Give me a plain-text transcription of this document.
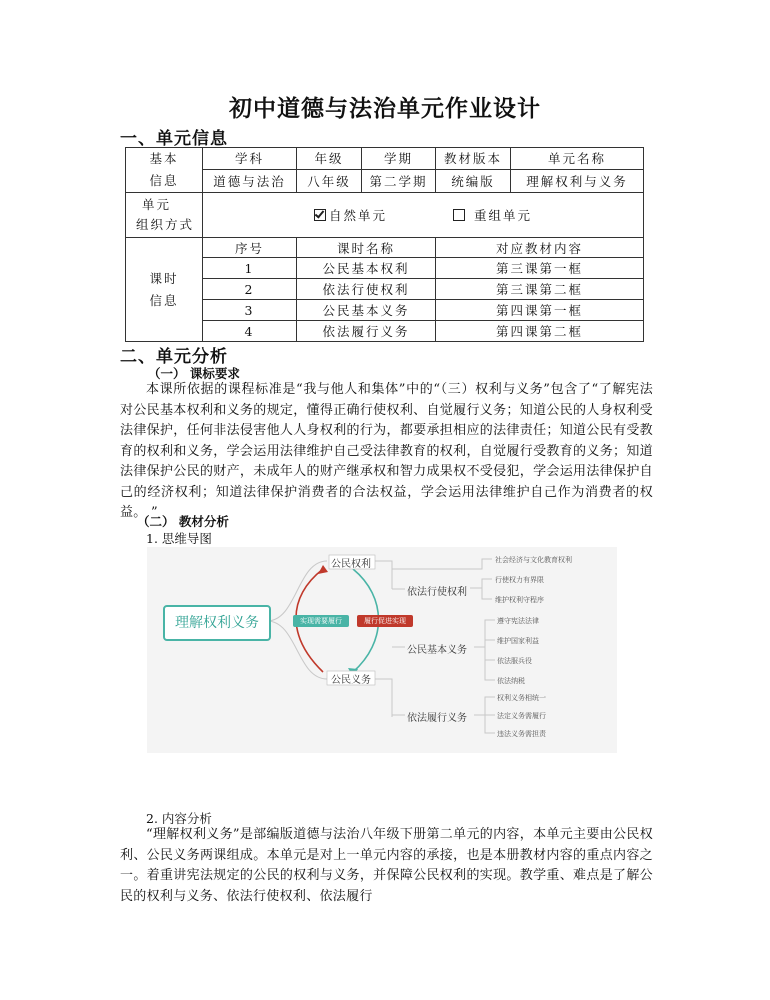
初中道德与法治单元作业设计
一、单元信息
基本
信息	学科	年级	学期	教材版本	单元名称
	道德与法治	八年级	第二学期	统编版	理解权利与义务
单元
组织方式	自然单元 重组单元				
课时
信息	序号	课时名称		对应教材内容	
	1	公民基本权利		第三课第一框	
	2	依法行使权利		第三课第二框	
	3	公民基本义务		第四课第一框	
	4	依法履行义务		第四课第二框	
二、单元分析
（一） 课标要求
本课所依据的课程标准是“我与他人和集体”中的“（三）权利与义务”包含了“了解宪法对公民基本权利和义务的规定，懂得正确行使权利、自觉履行义务；知道公民的人身权利受法律保护，任何非法侵害他人人身权利的行为，都要承担相应的法律责任；知道公民有受教育的权利和义务，学会运用法律维护自己受法律教育的权利，自觉履行受教育的义务；知道法律保护公民的财产，未成年人的财产继承权和智力成果权不受侵犯，学会运用法律保护自己的经济权利；知道法律保护消费者的合法权益，学会运用法律维护自己作为消费者的权益。 ”
（二） 教材分析
1. 思维导图
理解权利义务
公民权利
公民义务
实现需要履行	履行促进实现
依法行使权利
公民基本义务
依法履行义务
社会经济与文化教育权利
行使权力有界限
维护权利守程序
遵守宪法法律
维护国家利益
依法服兵役
依法纳税
权利义务相统一
法定义务需履行
违法义务需担责
2. 内容分析
“理解权利义务”是部编版道德与法治八年级下册第二单元的内容，本单元主要由公民权利、公民义务两课组成。本单元是对上一单元内容的承接，也是本册教材内容的重点内容之一。着重讲宪法规定的公民的权利与义务，并保障公民权利的实现。教学重、难点是了解公民的权利与义务、依法行使权利、依法履行
